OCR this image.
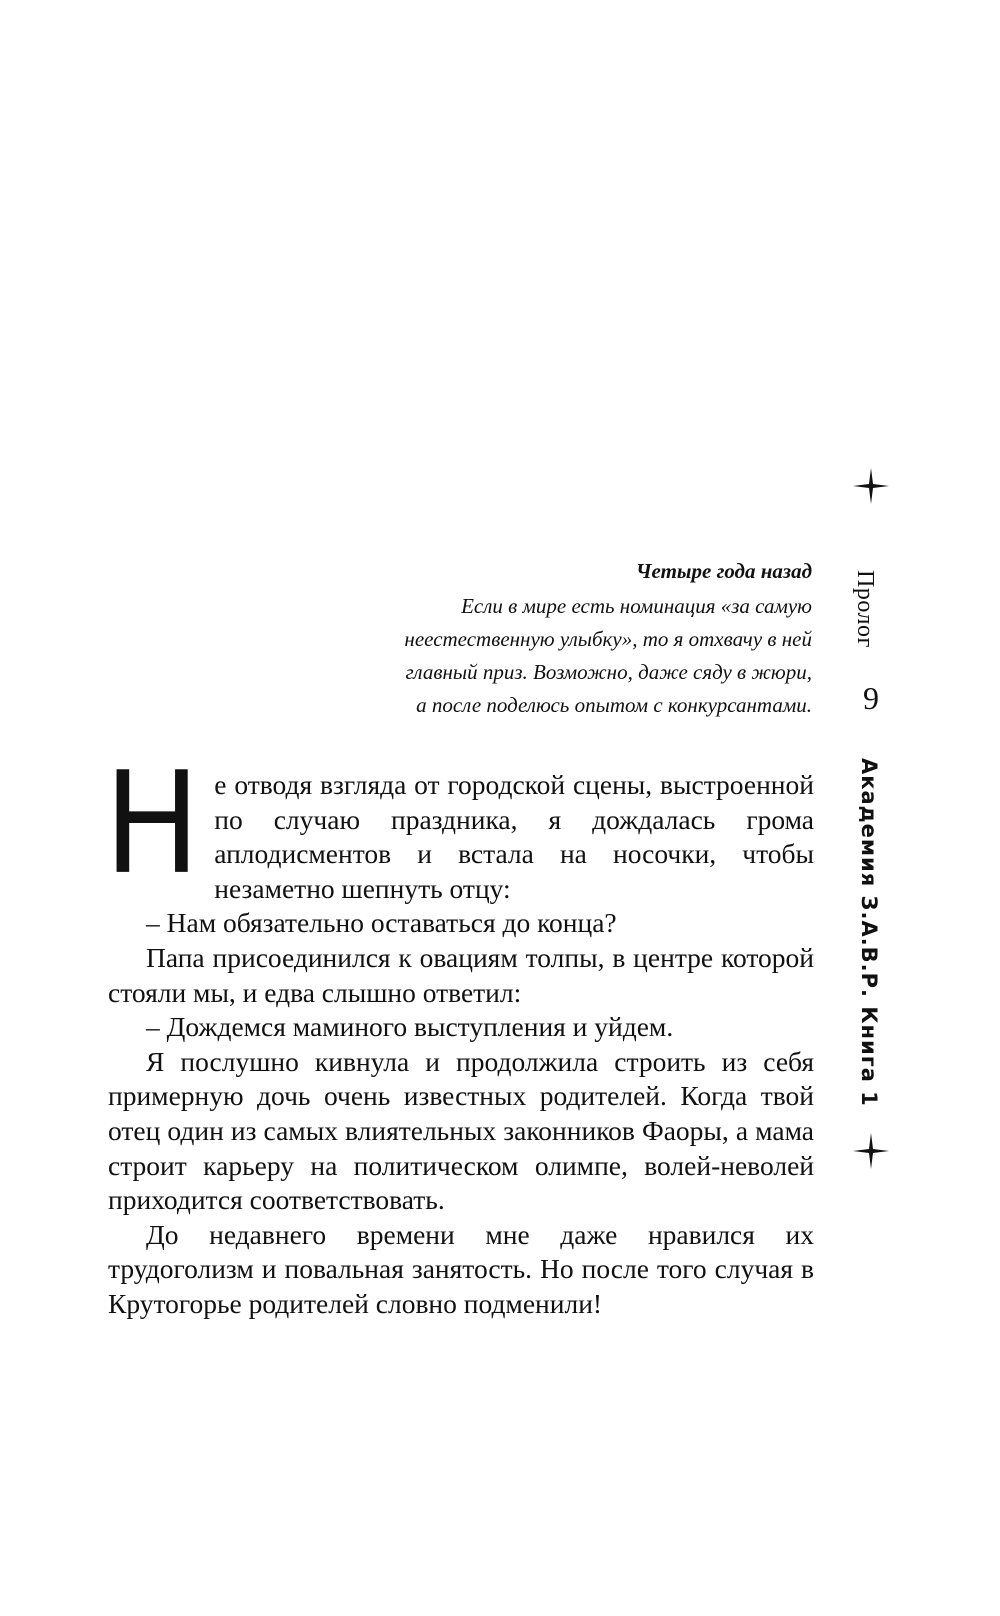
Четыре года назад
Если в мире есть номинация «за самую
неестественную улыбку», то я отхвачу в ней
главный приз. Возможно, даже сяду в жюри,
а после поделюсь опытом с конкурсантами.

Н е отводя взгляда от городской сцены, выстроенной по случаю праздника, я дождалась грома аплодисментов и встала на носочки, чтобы незаметно шепнуть отцу:

– Нам обязательно оставаться до конца?

Папа присоединился к овациям толпы, в центре которой стояли мы, и едва слышно ответил:

– Дождемся маминого выступления и уйдем.

Я послушно кивнула и продолжила строить из себя примерную дочь очень известных родителей. Когда твой отец один из самых влиятельных законников Фаоры, а мама строит карьеру на политическом олимпе, волей-неволей приходится соответствовать.

До недавнего времени мне даже нравился их трудоголизм и повальная занятость. Но после того случая в Крутогорье родителей словно подменили!

Пролог
9
Академия З.А.В.Р. Книга 1
